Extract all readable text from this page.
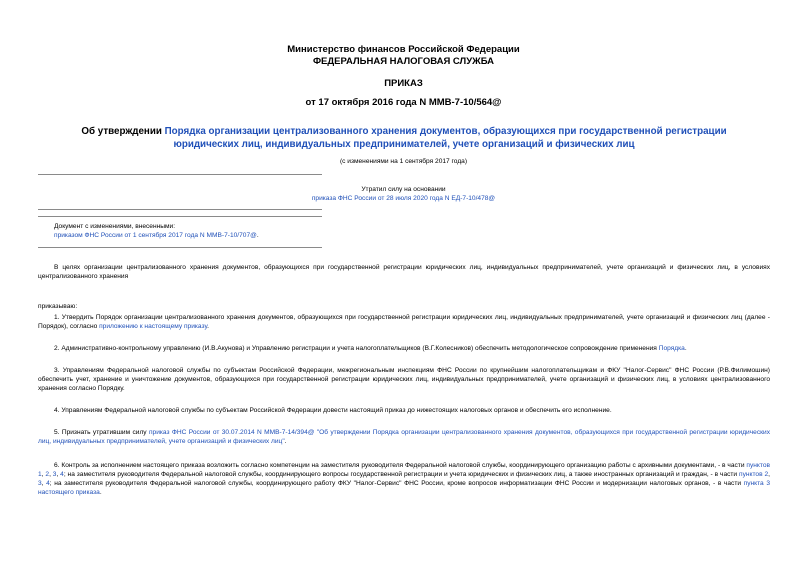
Министерство финансов Российской Федерации
ФЕДЕРАЛЬНАЯ НАЛОГОВАЯ СЛУЖБА
ПРИКАЗ
от 17 октября 2016 года N ММВ-7-10/564@
Об утверждении Порядка организации централизованного хранения документов, образующихся при государственной регистрации юридических лиц, индивидуальных предпринимателей, учете организаций и физических лиц
(с изменениями на 1 сентября 2017 года)
Утратил силу на основании
приказа ФНС России от 28 июля 2020 года N ЕД-7-10/478@
Документ с изменениями, внесенными:
приказом ФНС России от 1 сентября 2017 года N ММВ-7-10/707@.
В целях организации централизованного хранения документов, образующихся при государственной регистрации юридических лиц, индивидуальных предпринимателей, учете организаций и физических лиц, в условиях централизованного хранения
приказываю:
1. Утвердить Порядок организации централизованного хранения документов, образующихся при государственной регистрации юридических лиц, индивидуальных предпринимателей, учете организаций и физических лиц (далее - Порядок), согласно приложению к настоящему приказу.
2. Административно-контрольному управлению (И.В.Акунова) и Управлению регистрации и учета налогоплательщиков (В.Г.Колесников) обеспечить методологическое сопровождение применения Порядка.
3. Управлениям Федеральной налоговой службы по субъектам Российской Федерации, межрегиональным инспекциям ФНС России по крупнейшим налогоплательщикам и ФКУ "Налог-Сервис" ФНС России (Р.В.Филимошин) обеспечить учет, хранение и уничтожение документов, образующихся при государственной регистрации юридических лиц, индивидуальных предпринимателей, учете организаций и физических лиц, в условиях централизованного хранения согласно Порядку.
4. Управлениям Федеральной налоговой службы по субъектам Российской Федерации довести настоящий приказ до нижестоящих налоговых органов и обеспечить его исполнение.
5. Признать утратившим силу приказ ФНС России от 30.07.2014 N ММВ-7-14/394@ "Об утверждении Порядка организации централизованного хранения документов, образующихся при государственной регистрации юридических лиц, индивидуальных предпринимателей, учете организаций и физических лиц".
6. Контроль за исполнением настоящего приказа возложить согласно компетенции на заместителя руководителя Федеральной налоговой службы, координирующего организацию работы с архивными документами, - в части пунктов 1, 2, 3, 4; на заместителя руководителя Федеральной налоговой службы, координирующего вопросы государственной регистрации и учета юридических и физических лиц, а также иностранных организаций и граждан, - в части пунктов 2, 3, 4; на заместителя руководителя Федеральной налоговой службы, координирующего работу ФКУ "Налог-Сервис" ФНС России, кроме вопросов информатизации ФНС России и модернизации налоговых органов, - в части пункта 3 настоящего приказа.
